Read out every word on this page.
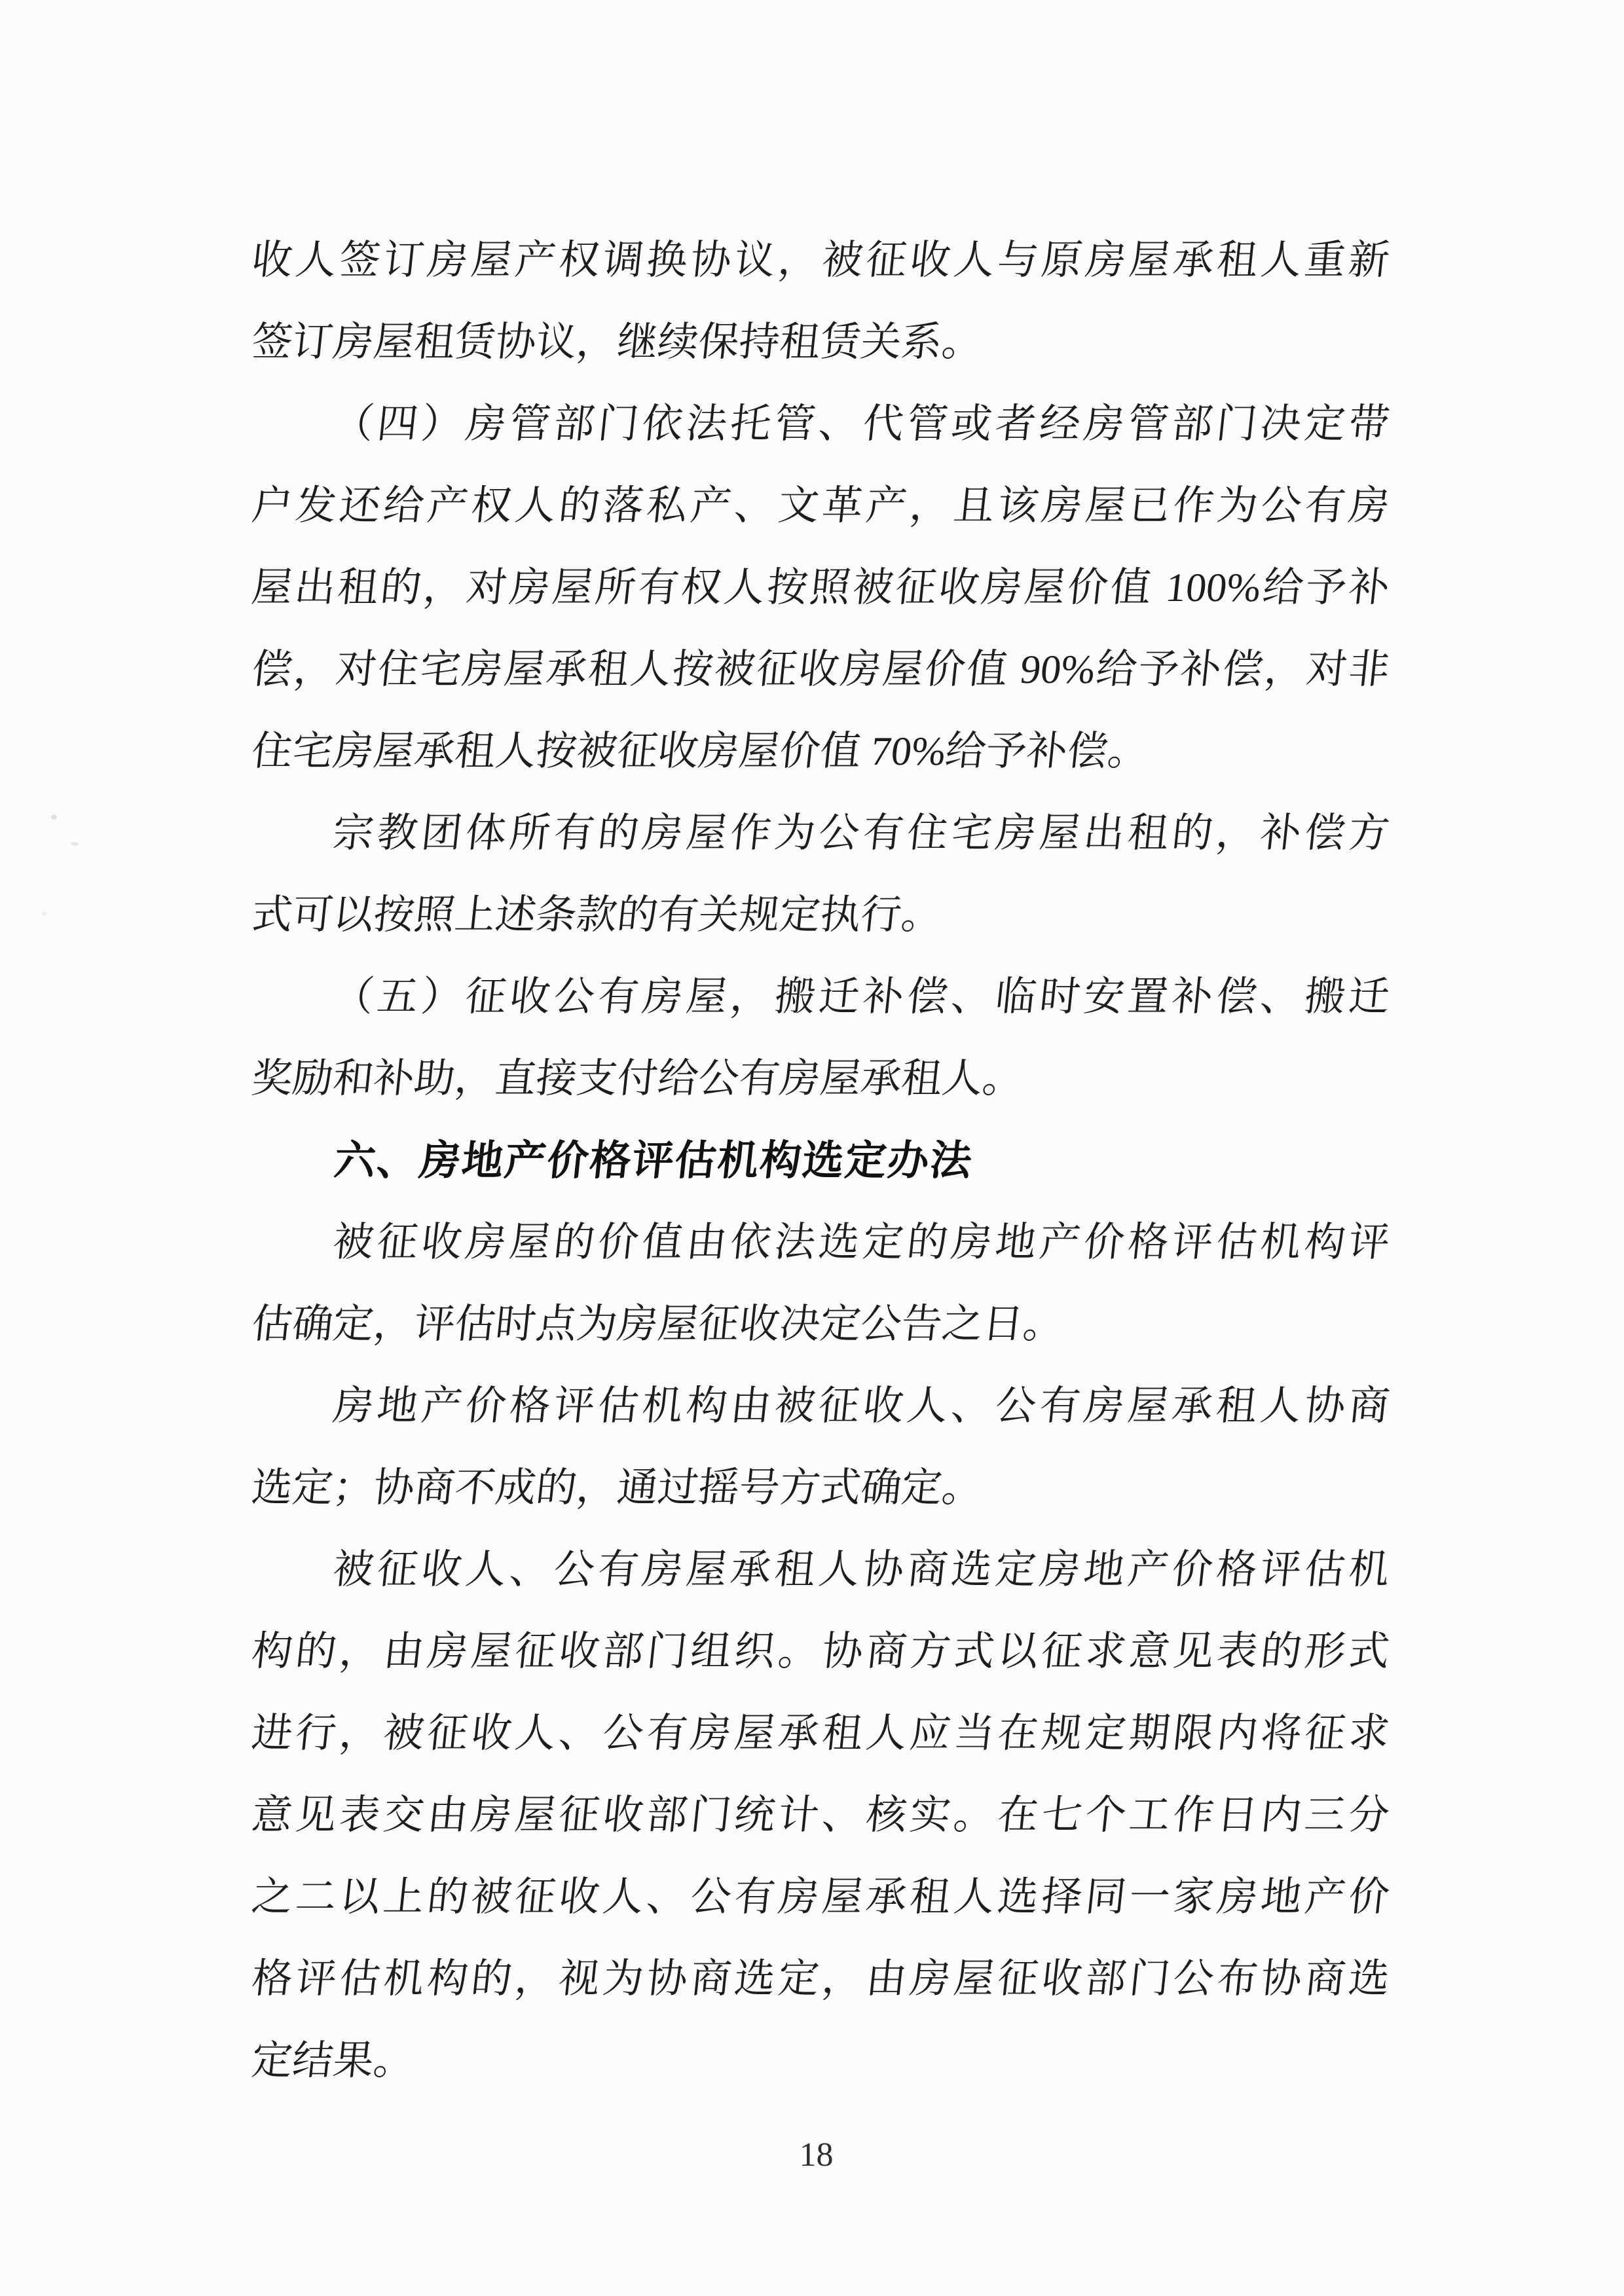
收人签订房屋产权调换协议，被征收人与原房屋承租人重新
签订房屋租赁协议，继续保持租赁关系。
（四）房管部门依法托管、代管或者经房管部门决定带
户发还给产权人的落私产、文革产，且该房屋已作为公有房
屋出租的，对房屋所有权人按照被征收房屋价值 100%给予补
偿，对住宅房屋承租人按被征收房屋价值 90%给予补偿，对非
住宅房屋承租人按被征收房屋价值 70%给予补偿。
宗教团体所有的房屋作为公有住宅房屋出租的，补偿方
式可以按照上述条款的有关规定执行。
（五）征收公有房屋，搬迁补偿、临时安置补偿、搬迁
奖励和补助，直接支付给公有房屋承租人。
六、房地产价格评估机构选定办法
被征收房屋的价值由依法选定的房地产价格评估机构评
估确定，评估时点为房屋征收决定公告之日。
房地产价格评估机构由被征收人、公有房屋承租人协商
选定；协商不成的，通过摇号方式确定。
被征收人、公有房屋承租人协商选定房地产价格评估机
构的，由房屋征收部门组织。协商方式以征求意见表的形式
进行，被征收人、公有房屋承租人应当在规定期限内将征求
意见表交由房屋征收部门统计、核实。在七个工作日内三分
之二以上的被征收人、公有房屋承租人选择同一家房地产价
格评估机构的，视为协商选定，由房屋征收部门公布协商选
定结果。
18
